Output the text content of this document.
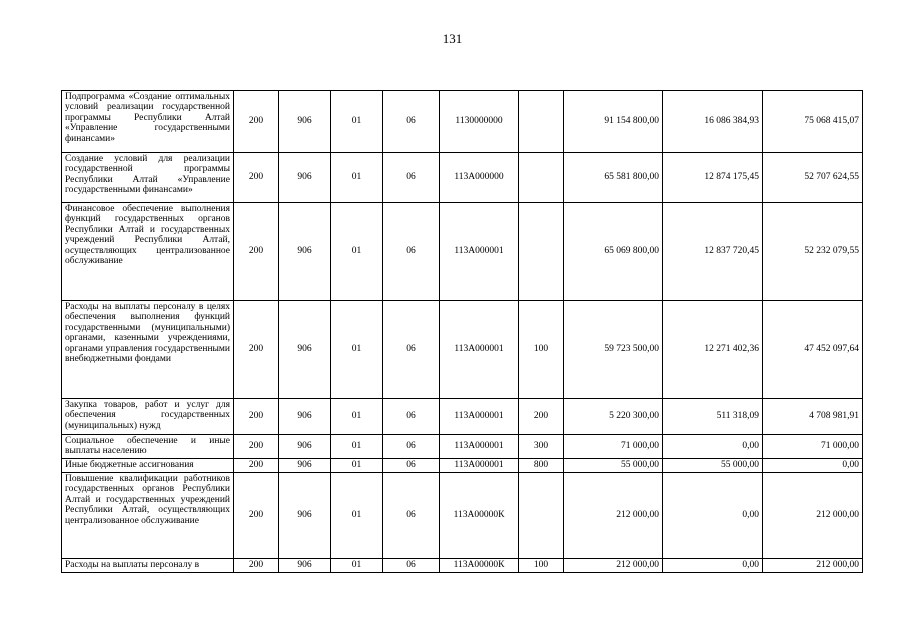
131
Подпрограмма «Создание оптимальных условий реализации государственной программы Республики Алтай «Управление государственными финансами»	200	906	01	06	1130000000		91 154 800,00	16 086 384,93	75 068 415,07
Создание условий для реализации государственной программы Республики Алтай «Управление государственными финансами»	200	906	01	06	113А000000		65 581 800,00	12 874 175,45	52 707 624,55
Финансовое обеспечение выполнения функций государственных органов Республики Алтай и государственных учреждений Республики Алтай, осуществляющих централизованное обслуживание	200	906	01	06	113А000001		65 069 800,00	12 837 720,45	52 232 079,55
Расходы на выплаты персоналу в целях обеспечения выполнения функций государственными (муниципальными) органами, казенными учреждениями, органами управления государственными внебюджетными фондами	200	906	01	06	113А000001	100	59 723 500,00	12 271 402,36	47 452 097,64
Закупка товаров, работ и услуг для обеспечения государственных (муниципальных) нужд	200	906	01	06	113А000001	200	5 220 300,00	511 318,09	4 708 981,91
Социальное обеспечение и иные выплаты населению	200	906	01	06	113А000001	300	71 000,00	0,00	71 000,00
Иные бюджетные ассигнования	200	906	01	06	113А000001	800	55 000,00	55 000,00	0,00
Повышение квалификации работников государственных органов Республики Алтай и государственных учреждений Республики Алтай, осуществляющих централизованное обслуживание	200	906	01	06	113А00000К		212 000,00	0,00	212 000,00
Расходы на выплаты персоналу в	200	906	01	06	113А00000К	100	212 000,00	0,00	212 000,00
